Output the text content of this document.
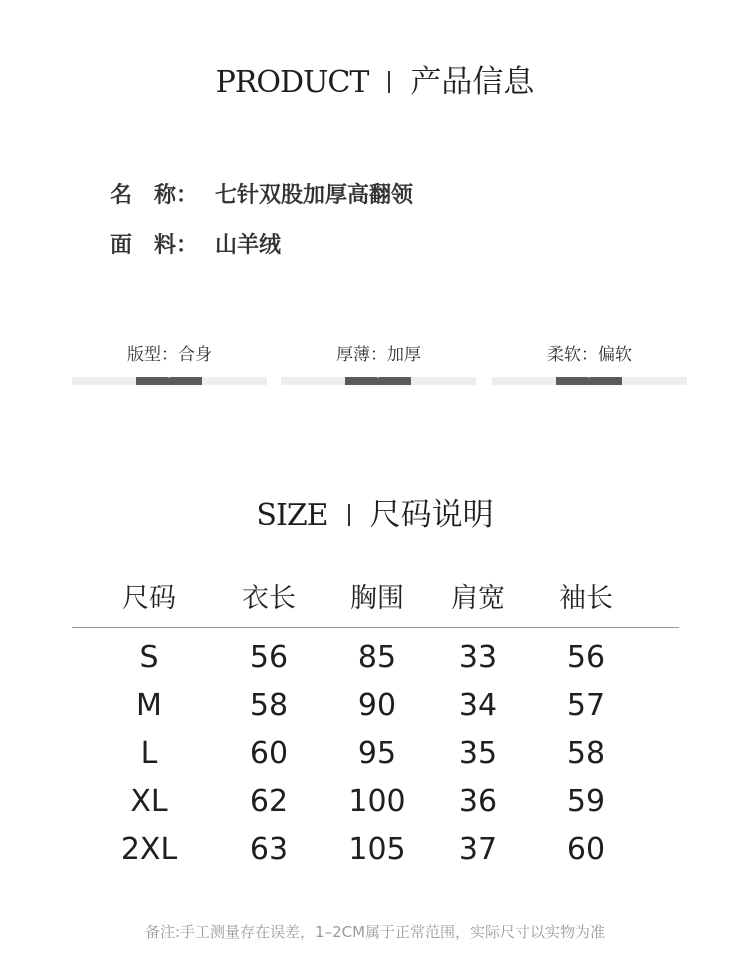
PRODUCT 产品信息
名　称： 七针双股加厚高翻领
面　料： 山羊绒
版型：合身	厚薄：加厚	柔软：偏软
SIZE 尺码说明
尺码	衣长	胸围	肩宽	袖长
S	56	85	33	56
M	58	90	34	57
L	60	95	35	58
XL	62	100	36	59
2XL	63	105	37	60
备注:手工测量存在误差，1–2CM属于正常范围，实际尺寸以实物为准
